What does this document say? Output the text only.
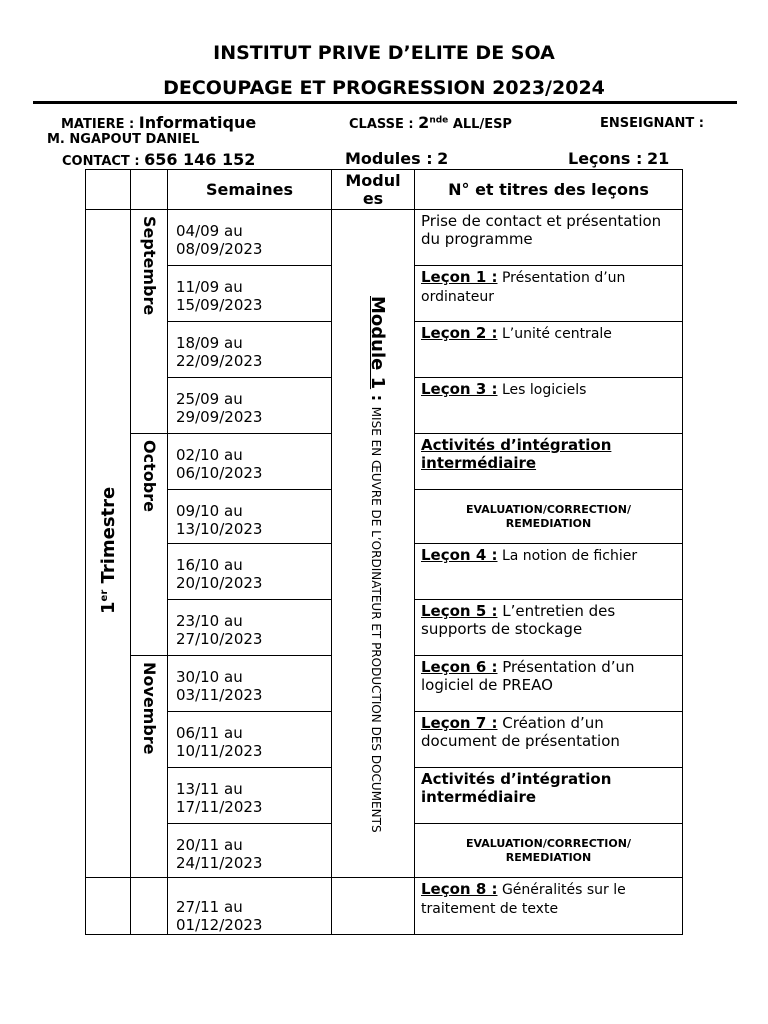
INSTITUT PRIVE D’ELITE DE SOA
DECOUPAGE ET PROGRESSION 2023/2024
MATIERE : Informatique	CLASSE : 2nde ALL/ESP	ENSEIGNANT :
M. NGAPOUT DANIEL
CONTACT : 656 146 152	Modules : 2	Leçons : 21
		Semaines	Modul
es	N° et titres des leçons

1er Trimestre	Septembre	04/09 au
08/09/2023	Module 1 : MISE EN ŒUVRE DE L’ORDINATEUR ET PRODUCTION DES DOCUMENTS	Prise de contact et présentation du programme

		11/09 au
15/09/2023		Leçon 1 : Présentation d’un ordinateur

		18/09 au
22/09/2023		Leçon 2 : L’unité centrale

		25/09 au
29/09/2023		Leçon 3 : Les logiciels

	Octobre	02/10 au
06/10/2023		Activités d’intégration intermédiaire

		09/10 au
13/10/2023		EVALUATION/CORRECTION/
REMEDIATION

		16/10 au
20/10/2023		Leçon 4 : La notion de fichier

		23/10 au
27/10/2023		Leçon 5 : L’entretien des supports de stockage

	Novembre	30/10 au
03/11/2023		Leçon 6 : Présentation d’un logiciel de PREAO

		06/11 au
10/11/2023		Leçon 7 : Création d’un document de présentation

		13/11 au
17/11/2023		Activités d’intégration intermédiaire

		20/11 au
24/11/2023		EVALUATION/CORRECTION/
REMEDIATION

		27/11 au
01/12/2023		Leçon 8 : Généralités sur le traitement de texte
